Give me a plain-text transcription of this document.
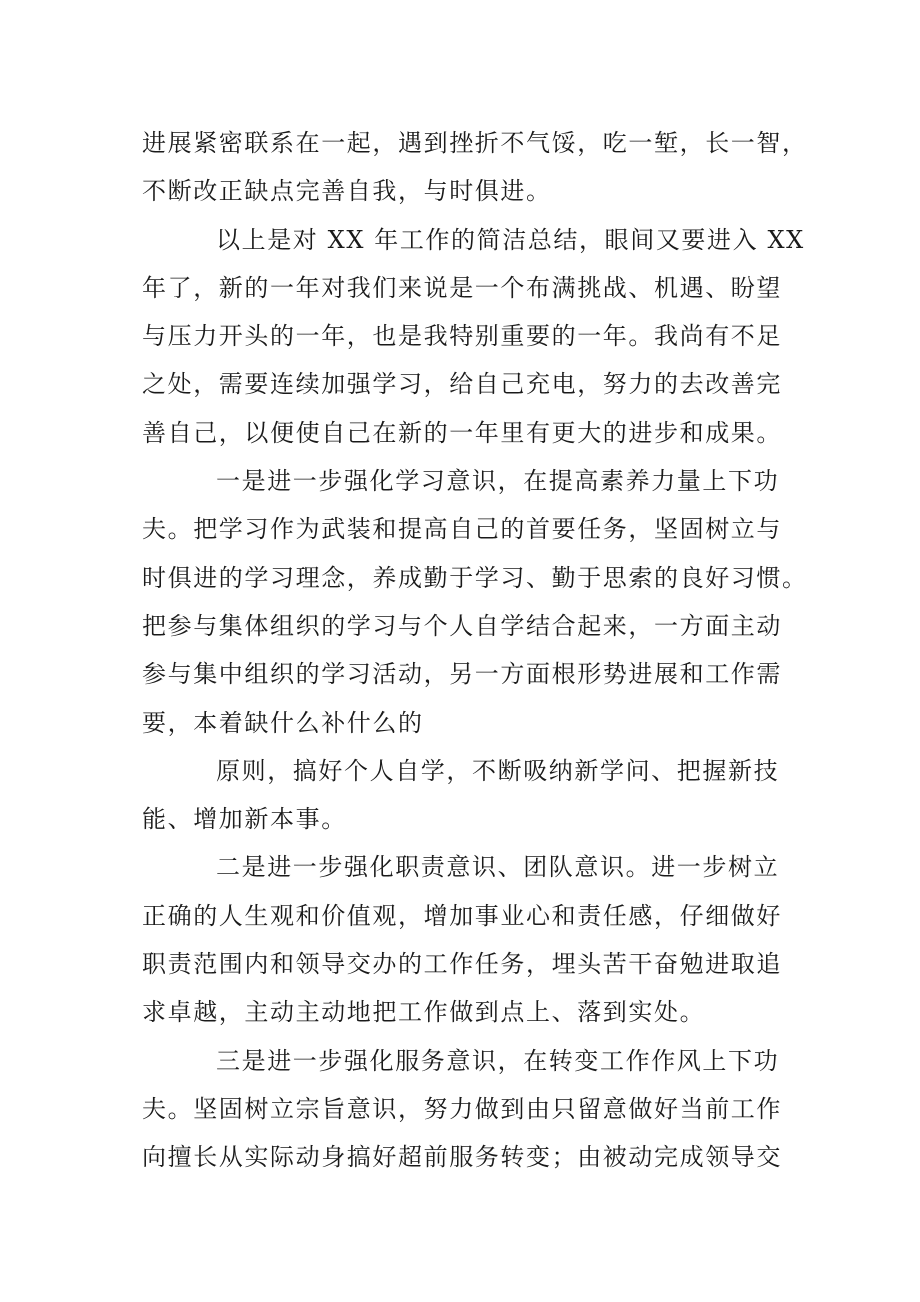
进展紧密联系在一起，遇到挫折不气馁，吃一堑，长一智，
不断改正缺点完善自我，与时俱进。
以上是对 XX 年工作的简洁总结，眼间又要进入 XX
年了，新的一年对我们来说是一个布满挑战、机遇、盼望
与压力开头的一年，也是我特别重要的一年。我尚有不足
之处，需要连续加强学习，给自己充电，努力的去改善完
善自己，以便使自己在新的一年里有更大的进步和成果。
一是进一步强化学习意识，在提高素养力量上下功
夫。把学习作为武装和提高自己的首要任务，坚固树立与
时俱进的学习理念，养成勤于学习、勤于思索的良好习惯。
把参与集体组织的学习与个人自学结合起来，一方面主动
参与集中组织的学习活动，另一方面根形势进展和工作需
要，本着缺什么补什么的
原则，搞好个人自学，不断吸纳新学问、把握新技
能、增加新本事。
二是进一步强化职责意识、团队意识。进一步树立
正确的人生观和价值观，增加事业心和责任感，仔细做好
职责范围内和领导交办的工作任务，埋头苦干奋勉进取追
求卓越，主动主动地把工作做到点上、落到实处。
三是进一步强化服务意识，在转变工作作风上下功
夫。坚固树立宗旨意识，努力做到由只留意做好当前工作
向擅长从实际动身搞好超前服务转变；由被动完成领导交
